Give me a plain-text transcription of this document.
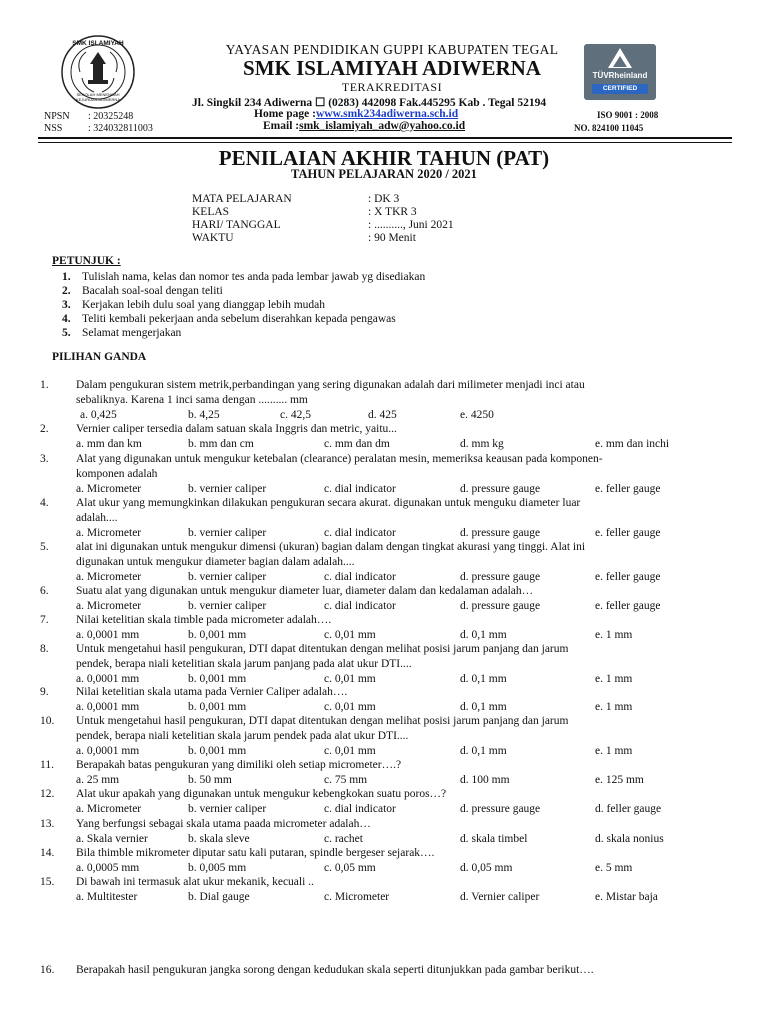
SMK ISLAMIYAH
SEKOLAH MENENGAH KEJURUAN ADIWERNA
YAYASAN PENDIDIKAN GUPPI KABUPATEN TEGAL
SMK ISLAMIYAH ADIWERNA
TERAKREDITASI
Jl. Singkil 234 Adiwerna ☐ (0283) 442098 Fak.445295 Kab . Tegal 52194
Home page :www.smk234adiwerna.sch.id
Email :smk_islamiyah_adw@yahoo.co.id
NPSN : 20325248
NSS	: 324032811003
TÜVRheinland
CERTIFIED
ISO 9001 : 2008
NO. 824100 11045
PENILAIAN AKHIR TAHUN (PAT)
TAHUN PELAJARAN 2020 / 2021
MATA PELAJARAN	: DK 3
KELAS	: X TKR 3
HARI/ TANGGAL	: .........., Juni 2021
WAKTU	: 90 Menit
PETUNJUK :
1. Tulislah nama, kelas dan nomor tes anda pada lembar jawab yg disediakan
2. Bacalah soal-soal dengan teliti
3. Kerjakan lebih dulu soal yang dianggap lebih mudah
4. Teliti kembali pekerjaan anda sebelum diserahkan kepada pengawas
5. Selamat mengerjakan
PILIHAN GANDA
1. Dalam pengukuran sistem metrik,perbandingan yang sering digunakan adalah dari milimeter menjadi inci atau
sebaliknya. Karena 1 inci sama dengan .......... mm
a. 0,425	b. 4,25	c. 42,5	d. 425	e. 4250
2. Vernier caliper tersedia dalam satuan skala Inggris dan metric, yaitu...
a. mm dan km	b. mm dan cm	c. mm dan dm	d. mm kg	e. mm dan inchi
3. Alat yang digunakan untuk mengukur ketebalan (clearance) peralatan mesin, memeriksa keausan pada komponen-
komponen adalah
a. Micrometer	b. vernier caliper	c. dial indicator	d. pressure gauge	e. feller gauge
4. Alat ukur yang memungkinkan dilakukan pengukuran secara akurat. digunakan untuk menguku diameter luar
adalah....
a. Micrometer	b. vernier caliper	c. dial indicator	d. pressure gauge	e. feller gauge
5. alat ini digunakan untuk mengukur dimensi (ukuran) bagian dalam dengan tingkat akurasi yang tinggi. Alat ini
digunakan untuk mengukur diameter bagian dalam adalah....
a. Micrometer	b. vernier caliper	c. dial indicator	d. pressure gauge	e. feller gauge
6. Suatu alat yang digunakan untuk mengukur diameter luar, diameter dalam dan kedalaman adalah…
a. Micrometer	b. vernier caliper	c. dial indicator	d. pressure gauge	e. feller gauge
7. Nilai ketelitian skala timble pada micrometer adalah….
a. 0,0001 mm	b. 0,001 mm	c. 0,01 mm	d. 0,1 mm	e. 1 mm
8. Untuk mengetahui hasil pengukuran, DTI dapat ditentukan dengan melihat posisi jarum panjang dan jarum
pendek, berapa niali ketelitian skala jarum panjang pada alat ukur DTI....
a. 0,0001 mm	b. 0,001 mm	c. 0,01 mm	d. 0,1 mm	e. 1 mm
9. Nilai ketelitian skala utama pada Vernier Caliper adalah….
a. 0,0001 mm	b. 0,001 mm	c. 0,01 mm	d. 0,1 mm	e. 1 mm
10. Untuk mengetahui hasil pengukuran, DTI dapat ditentukan dengan melihat posisi jarum panjang dan jarum
pendek, berapa niali ketelitian skala jarum pendek pada alat ukur DTI....
a. 0,0001 mm	b. 0,001 mm	c. 0,01 mm	d. 0,1 mm	e. 1 mm
11. Berapakah batas pengukuran yang dimiliki oleh setiap micrometer….?
a. 25 mm	b. 50 mm	c. 75 mm	d. 100 mm	e. 125 mm
12. Alat ukur apakah yang digunakan untuk mengukur kebengkokan suatu poros…?
a. Micrometer	b. vernier caliper	c. dial indicator	d. pressure gauge	d. feller gauge
13. Yang berfungsi sebagai skala utama paada micrometer adalah…
a. Skala vernier	b. skala sleve	c. rachet	d. skala timbel	d. skala nonius
14. Bila thimble mikrometer diputar satu kali putaran, spindle bergeser sejarak….
a. 0,0005 mm	b. 0,005 mm	c. 0,05 mm	d. 0,05 mm	e. 5 mm
15. Di bawah ini termasuk alat ukur mekanik, kecuali ..
a. Multitester	b. Dial gauge	c. Micrometer	d. Vernier caliper	e. Mistar baja
16. Berapakah hasil pengukuran jangka sorong dengan kedudukan skala seperti ditunjukkan pada gambar berikut….
